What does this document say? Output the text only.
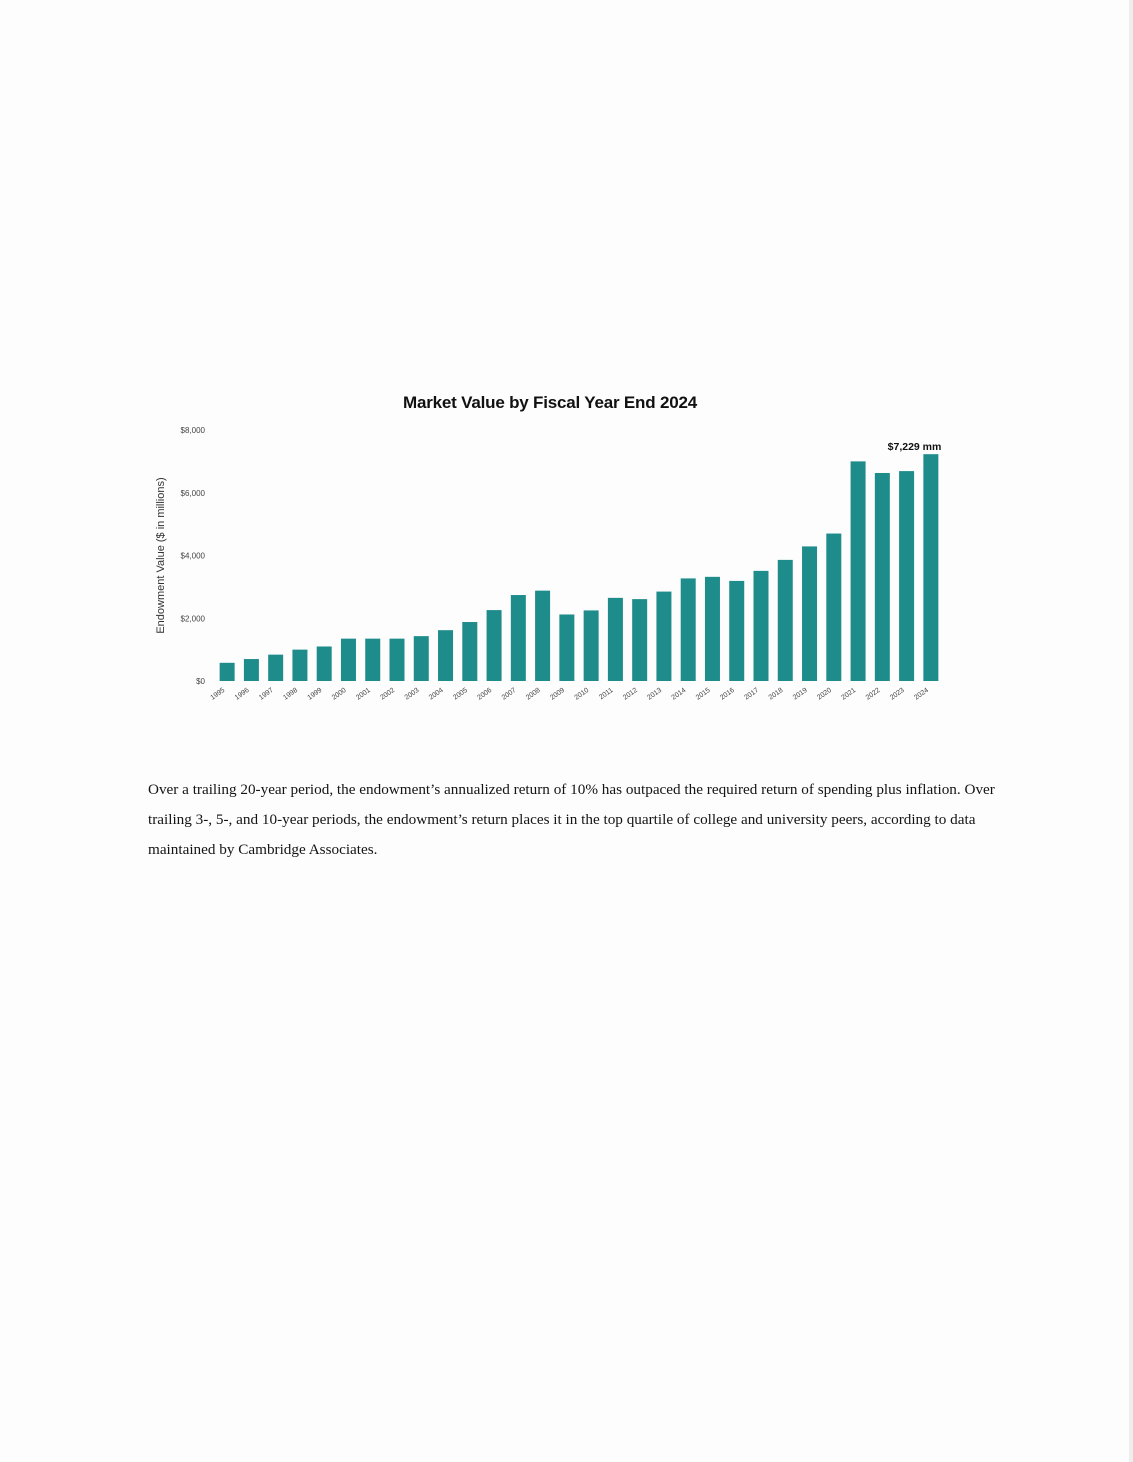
Market Value by Fiscal Year End 2024
Endowment Value ($ in millions)
$0
$2,000
$4,000
$6,000
$8,000
1995 1996 1997 1998 1999 2000 2001 2002 2003 2004 2005 2006 2007 2008 2009 2010 2011 2012 2013 2014 2015 2016 2017 2018 2019 2020 2021 2022 2023 2024
$7,229 mm

Over a trailing 20-year period, the endowment’s annualized return of 10% has outpaced the required return of spending plus inflation. Over trailing 3-, 5-, and 10-year periods, the endowment’s return places it in the top quartile of college and university peers, according to data maintained by Cambridge Associates.
